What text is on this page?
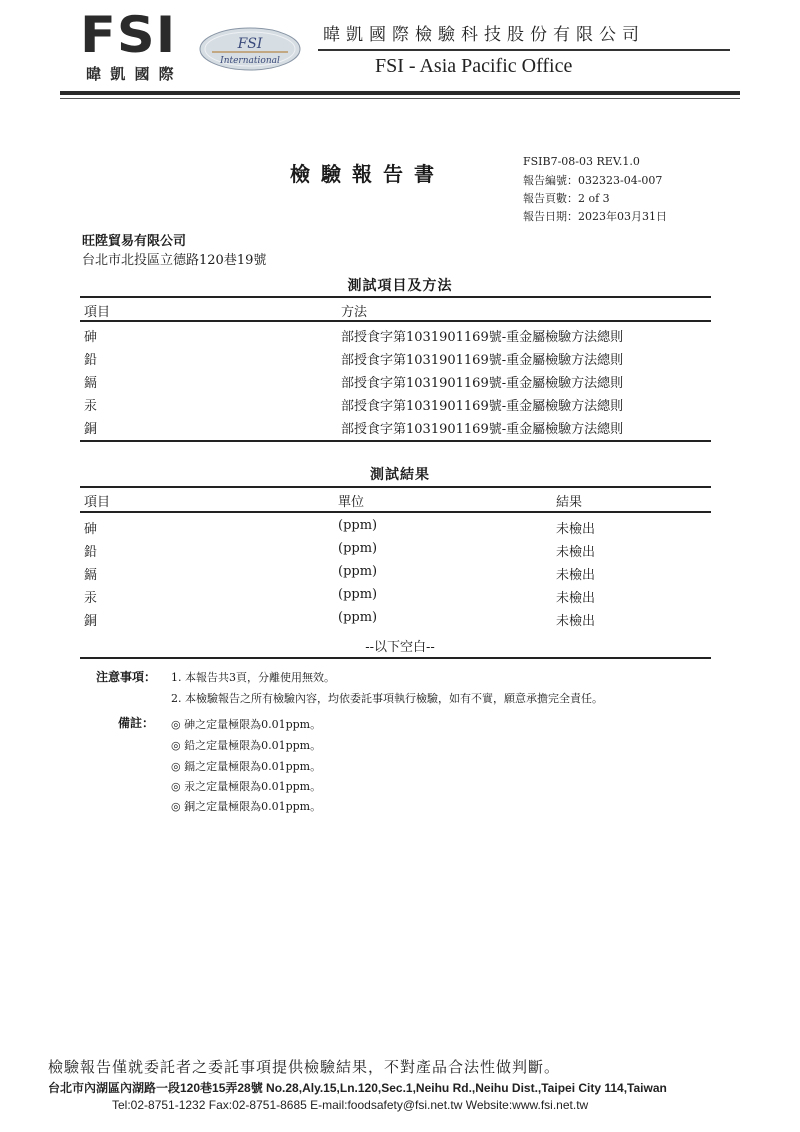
FSI
暐 凱 國 際
FSI
International
暐凱國際檢驗科技股份有限公司
FSI - Asia Pacific Office
檢驗報告書
FSIB7-08-03 REV.1.0
報告編號：032323-04-007
報告頁數：2 of 3
報告日期：2023年03月31日
旺陞貿易有限公司
台北市北投區立德路120巷19號
測試項目及方法
項目	方法
砷	部授食字第1031901169號-重金屬檢驗方法總則
鉛	部授食字第1031901169號-重金屬檢驗方法總則
鎘	部授食字第1031901169號-重金屬檢驗方法總則
汞	部授食字第1031901169號-重金屬檢驗方法總則
銅	部授食字第1031901169號-重金屬檢驗方法總則
測試結果
項目	單位	結果
砷	(ppm)	未檢出
鉛	(ppm)	未檢出
鎘	(ppm)	未檢出
汞	(ppm)	未檢出
銅	(ppm)	未檢出
--以下空白--
注意事項： 1. 本報告共3頁，分離使用無效。
2. 本檢驗報告之所有檢驗內容，均依委託事項執行檢驗，如有不實，願意承擔完全責任。
備註： ◎ 砷之定量極限為0.01ppm。
◎ 鉛之定量極限為0.01ppm。
◎ 鎘之定量極限為0.01ppm。
◎ 汞之定量極限為0.01ppm。
◎ 銅之定量極限為0.01ppm。
檢驗報告僅就委託者之委託事項提供檢驗結果，不對產品合法性做判斷。
台北市內湖區內湖路一段120巷15弄28號 No.28,Aly.15,Ln.120,Sec.1,Neihu Rd.,Neihu Dist.,Taipei City 114,Taiwan
Tel:02-8751-1232 Fax:02-8751-8685 E-mail:foodsafety@fsi.net.tw Website:www.fsi.net.tw
